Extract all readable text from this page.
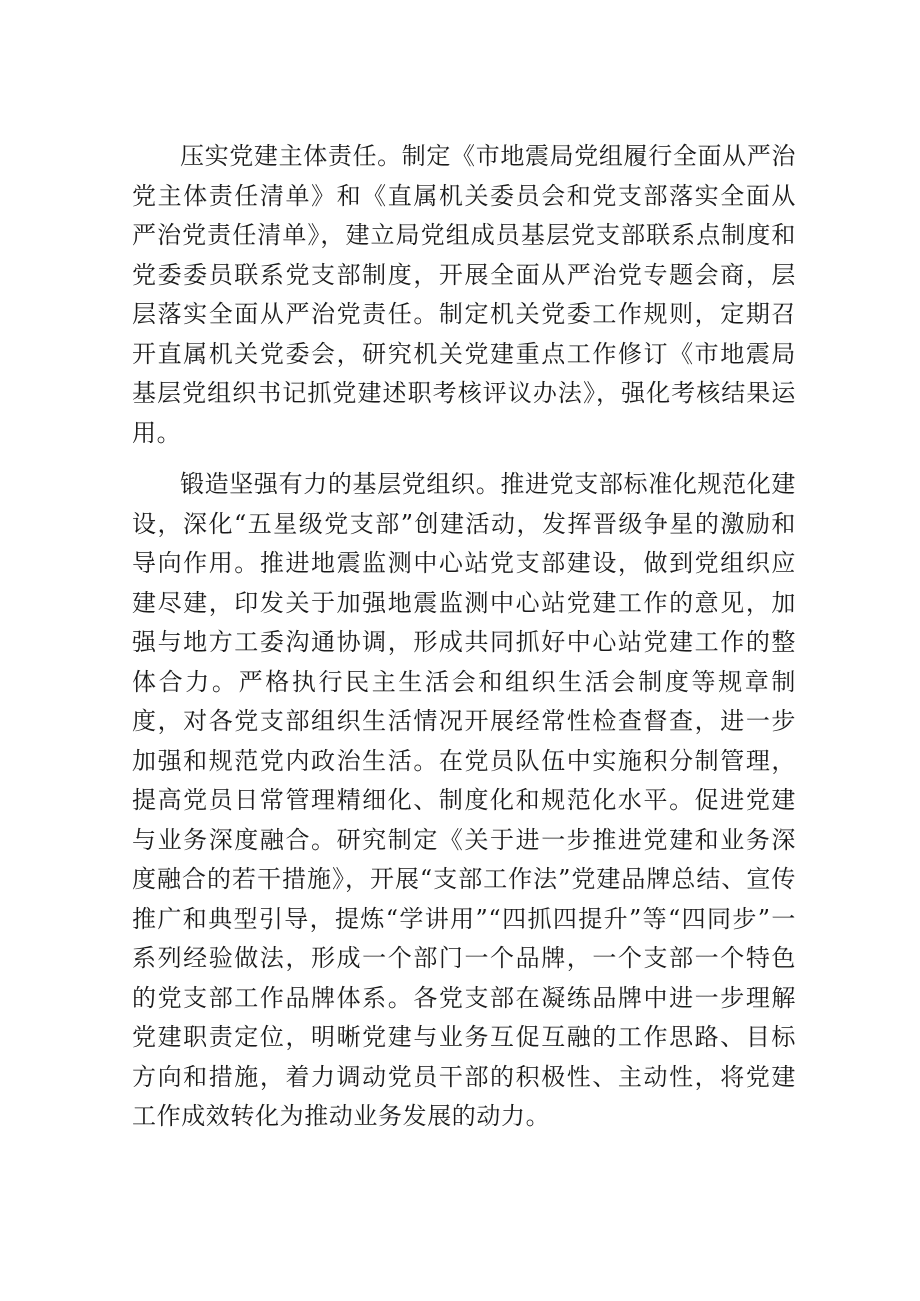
压实党建主体责任。制定《市地震局党组履行全面从严治党主体责任清单》和《直属机关委员会和党支部落实全面从严治党责任清单》，建立局党组成员基层党支部联系点制度和党委委员联系党支部制度，开展全面从严治党专题会商，层层落实全面从严治党责任。制定机关党委工作规则，定期召开直属机关党委会，研究机关党建重点工作修订《市地震局基层党组织书记抓党建述职考核评议办法》，强化考核结果运用。

锻造坚强有力的基层党组织。推进党支部标准化规范化建设，深化“五星级党支部”创建活动，发挥晋级争星的激励和导向作用。推进地震监测中心站党支部建设，做到党组织应建尽建，印发关于加强地震监测中心站党建工作的意见，加强与地方工委沟通协调，形成共同抓好中心站党建工作的整体合力。严格执行民主生活会和组织生活会制度等规章制度，对各党支部组织生活情况开展经常性检查督查，进一步加强和规范党内政治生活。在党员队伍中实施积分制管理，提高党员日常管理精细化、制度化和规范化水平。促进党建与业务深度融合。研究制定《关于进一步推进党建和业务深度融合的若干措施》，开展“支部工作法”党建品牌总结、宣传推广和典型引导，提炼“学讲用”“四抓四提升”等“四同步”一系列经验做法，形成一个部门一个品牌，一个支部一个特色的党支部工作品牌体系。各党支部在凝练品牌中进一步理解党建职责定位，明晰党建与业务互促互融的工作思路、目标方向和措施，着力调动党员干部的积极性、主动性，将党建工作成效转化为推动业务发展的动力。
